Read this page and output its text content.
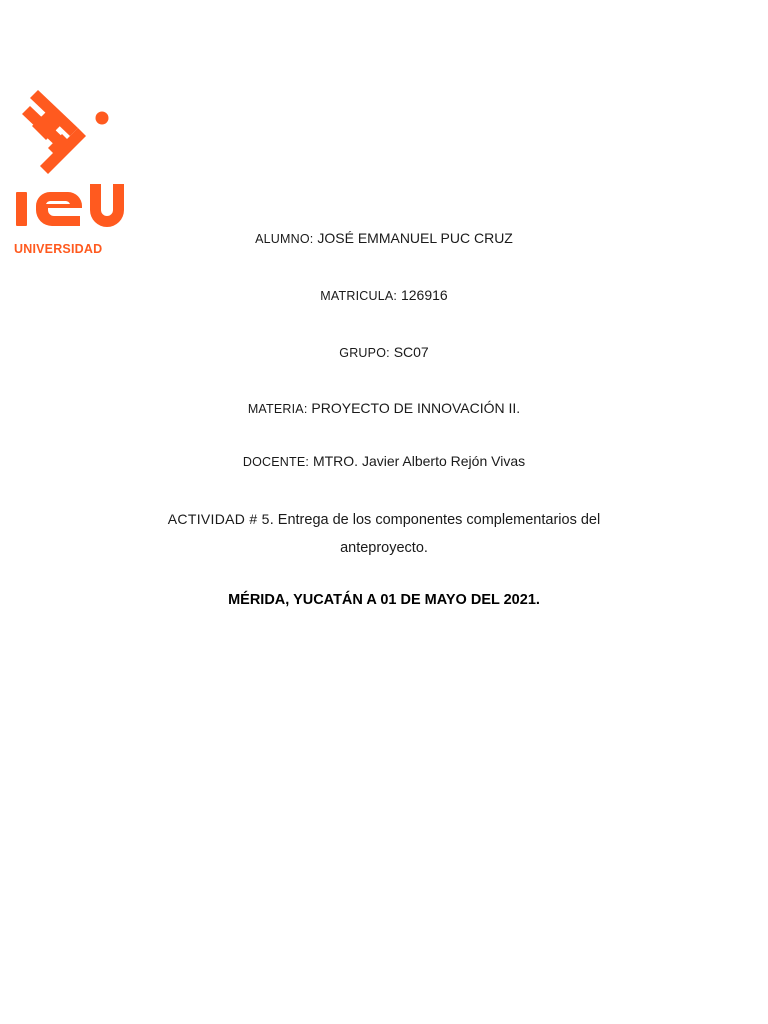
UNIVERSIDAD
ALUMNO: JOSÉ EMMANUEL PUC CRUZ
MATRICULA: 126916
GRUPO: SC07
MATERIA: PROYECTO DE INNOVACIÓN II.
DOCENTE: MTRO. Javier Alberto Rejón Vivas
ACTIVIDAD # 5. Entrega de los componentes complementarios del anteproyecto.
MÉRIDA, YUCATÁN A 01 DE MAYO DEL 2021.
